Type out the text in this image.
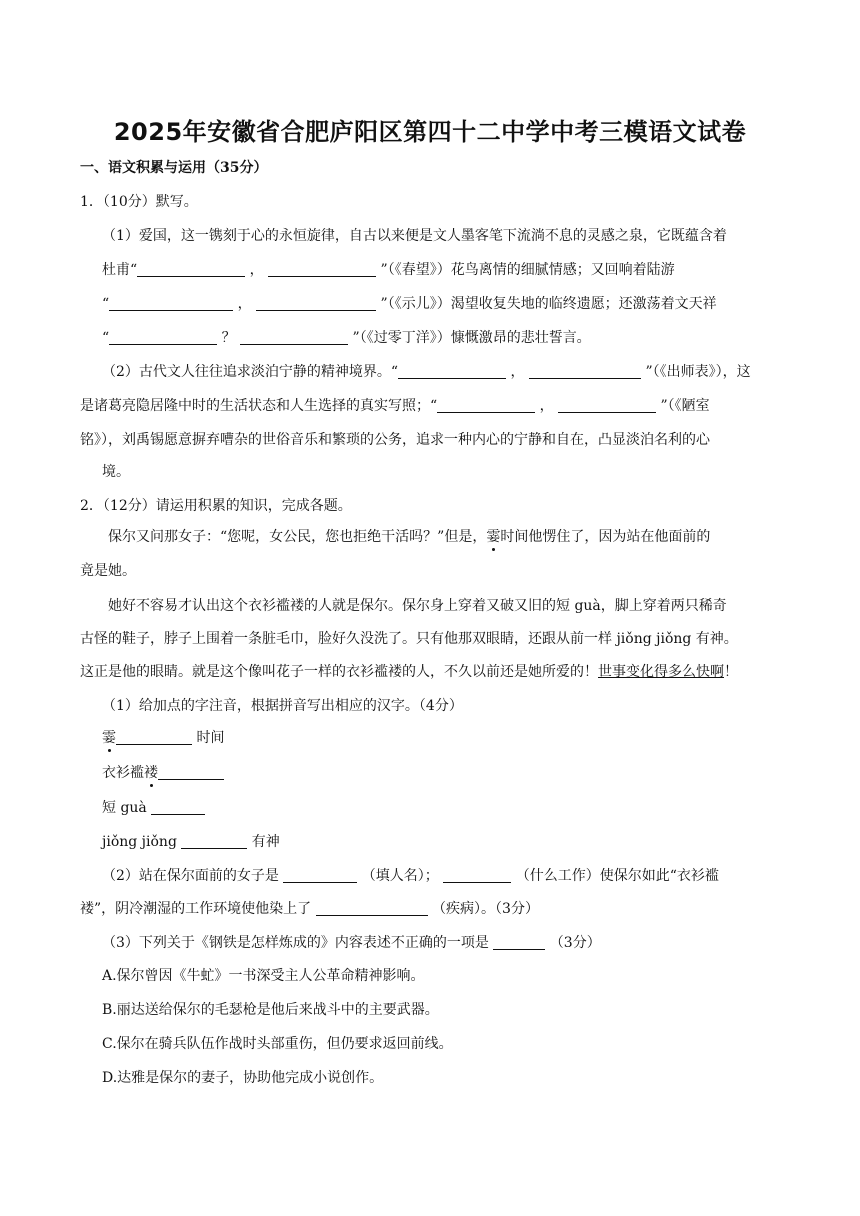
2025年安徽省合肥庐阳区第四十二中学中考三模语文试卷
一、语文积累与运用（35分）
1．（10分）默写。
（1）爱国，这一镌刻于心的永恒旋律，自古以来便是文人墨客笔下流淌不息的灵感之泉，它既蕴含着
杜甫“	，	”（《春望》）花鸟离情的细腻情感；又回响着陆游
“	，	”（《示儿》）渴望收复失地的临终遗愿；还激荡着文天祥
“	？	”（《过零丁洋》）慷慨激昂的悲壮誓言。
（2）古代文人往往追求淡泊宁静的精神境界。“	，	”（《出师表》），这
是诸葛亮隐居隆中时的生活状态和人生选择的真实写照；“	，	”（《陋室
铭》），刘禹锡愿意摒弃嘈杂的世俗音乐和繁琐的公务，追求一种内心的宁静和自在，凸显淡泊名利的心
境。
2．（12分）请运用积累的知识，完成各题。
保尔又问那女子：“您呢，女公民，您也拒绝干活吗？”但是，霎时间他愣住了，因为站在他面前的
竟是她。
她好不容易才认出这个衣衫褴褛的人就是保尔。保尔身上穿着又破又旧的短 guà，脚上穿着两只稀奇
古怪的鞋子，脖子上围着一条脏毛巾，脸好久没洗了。只有他那双眼睛，还跟从前一样 jiǒng jiǒng 有神。
这正是他的眼睛。就是这个像叫花子一样的衣衫褴褛的人，不久以前还是她所爱的！世事变化得多么快啊！
（1）给加点的字注音，根据拼音写出相应的汉字。（4分）
霎	时间
衣衫褴褛
短 guà
jiǒng jiǒng	有神
（2）站在保尔面前的女子是	（填人名）；	（什么工作）使保尔如此“衣衫褴
褛”，阴冷潮湿的工作环境使他染上了	（疾病）。（3分）
（3）下列关于《钢铁是怎样炼成的》内容表述不正确的一项是	（3分）
A.保尔曾因《牛虻》一书深受主人公革命精神影响。
B.丽达送给保尔的毛瑟枪是他后来战斗中的主要武器。
C.保尔在骑兵队伍作战时头部重伤，但仍要求返回前线。
D.达雅是保尔的妻子，协助他完成小说创作。
